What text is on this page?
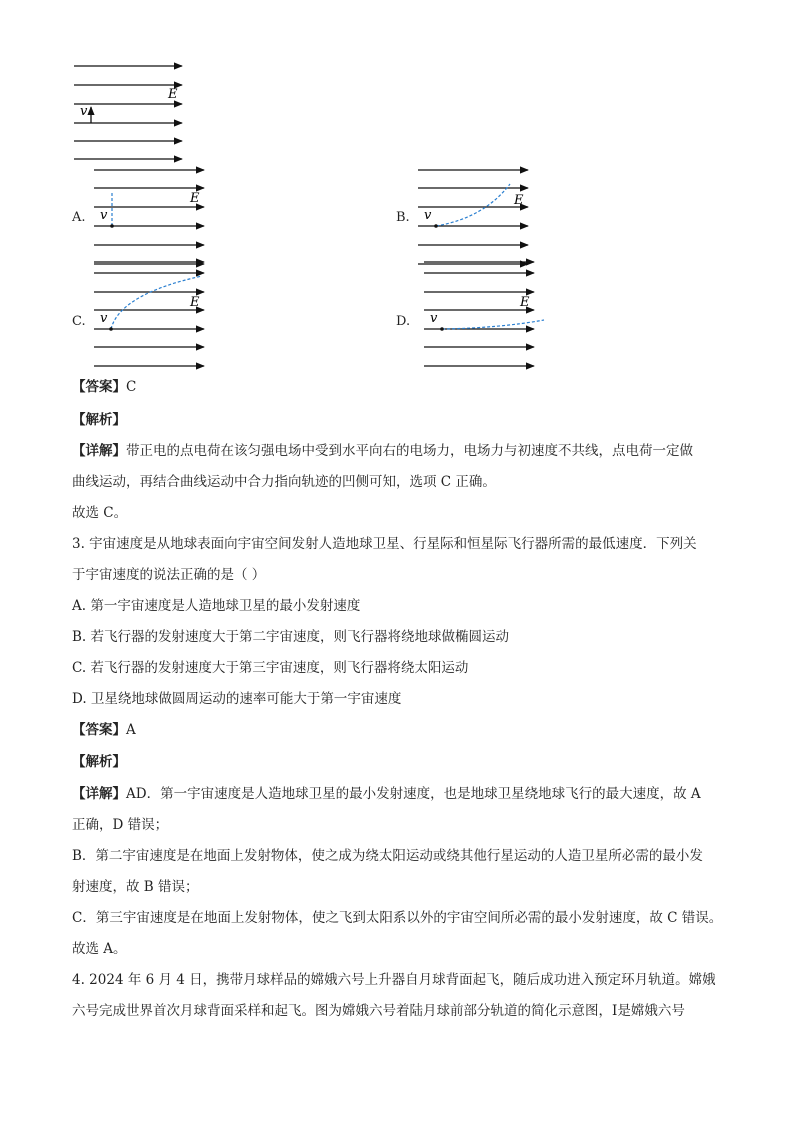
E
v
A.
E
v	B.
E
v
C.
E
v	D.
E
v
【答案】C
【解析】
【详解】带正电的点电荷在该匀强电场中受到水平向右的电场力，电场力与初速度不共线，点电荷一定做
曲线运动，再结合曲线运动中合力指向轨迹的凹侧可知，选项 C 正确。
故选 C。
3. 宇宙速度是从地球表面向宇宙空间发射人造地球卫星、行星际和恒星际飞行器所需的最低速度．下列关
于宇宙速度的说法正确的是（ ）
A. 第一宇宙速度是人造地球卫星的最小发射速度
B. 若飞行器的发射速度大于第二宇宙速度，则飞行器将绕地球做椭圆运动
C. 若飞行器的发射速度大于第三宇宙速度，则飞行器将绕太阳运动
D. 卫星绕地球做圆周运动的速率可能大于第一宇宙速度
【答案】A
【解析】
【详解】AD．第一宇宙速度是人造地球卫星的最小发射速度，也是地球卫星绕地球飞行的最大速度，故 A
正确，D 错误；
B．第二宇宙速度是在地面上发射物体，使之成为绕太阳运动或绕其他行星运动的人造卫星所必需的最小发
射速度，故 B 错误；
C．第三宇宙速度是在地面上发射物体，使之飞到太阳系以外的宇宙空间所必需的最小发射速度，故 C 错误。
故选 A。
4. 2024 年 6 月 4 日，携带月球样品的嫦娥六号上升器自月球背面起飞，随后成功进入预定环月轨道。嫦娥
六号完成世界首次月球背面采样和起飞。图为嫦娥六号着陆月球前部分轨道的简化示意图，Ⅰ是嫦娥六号
